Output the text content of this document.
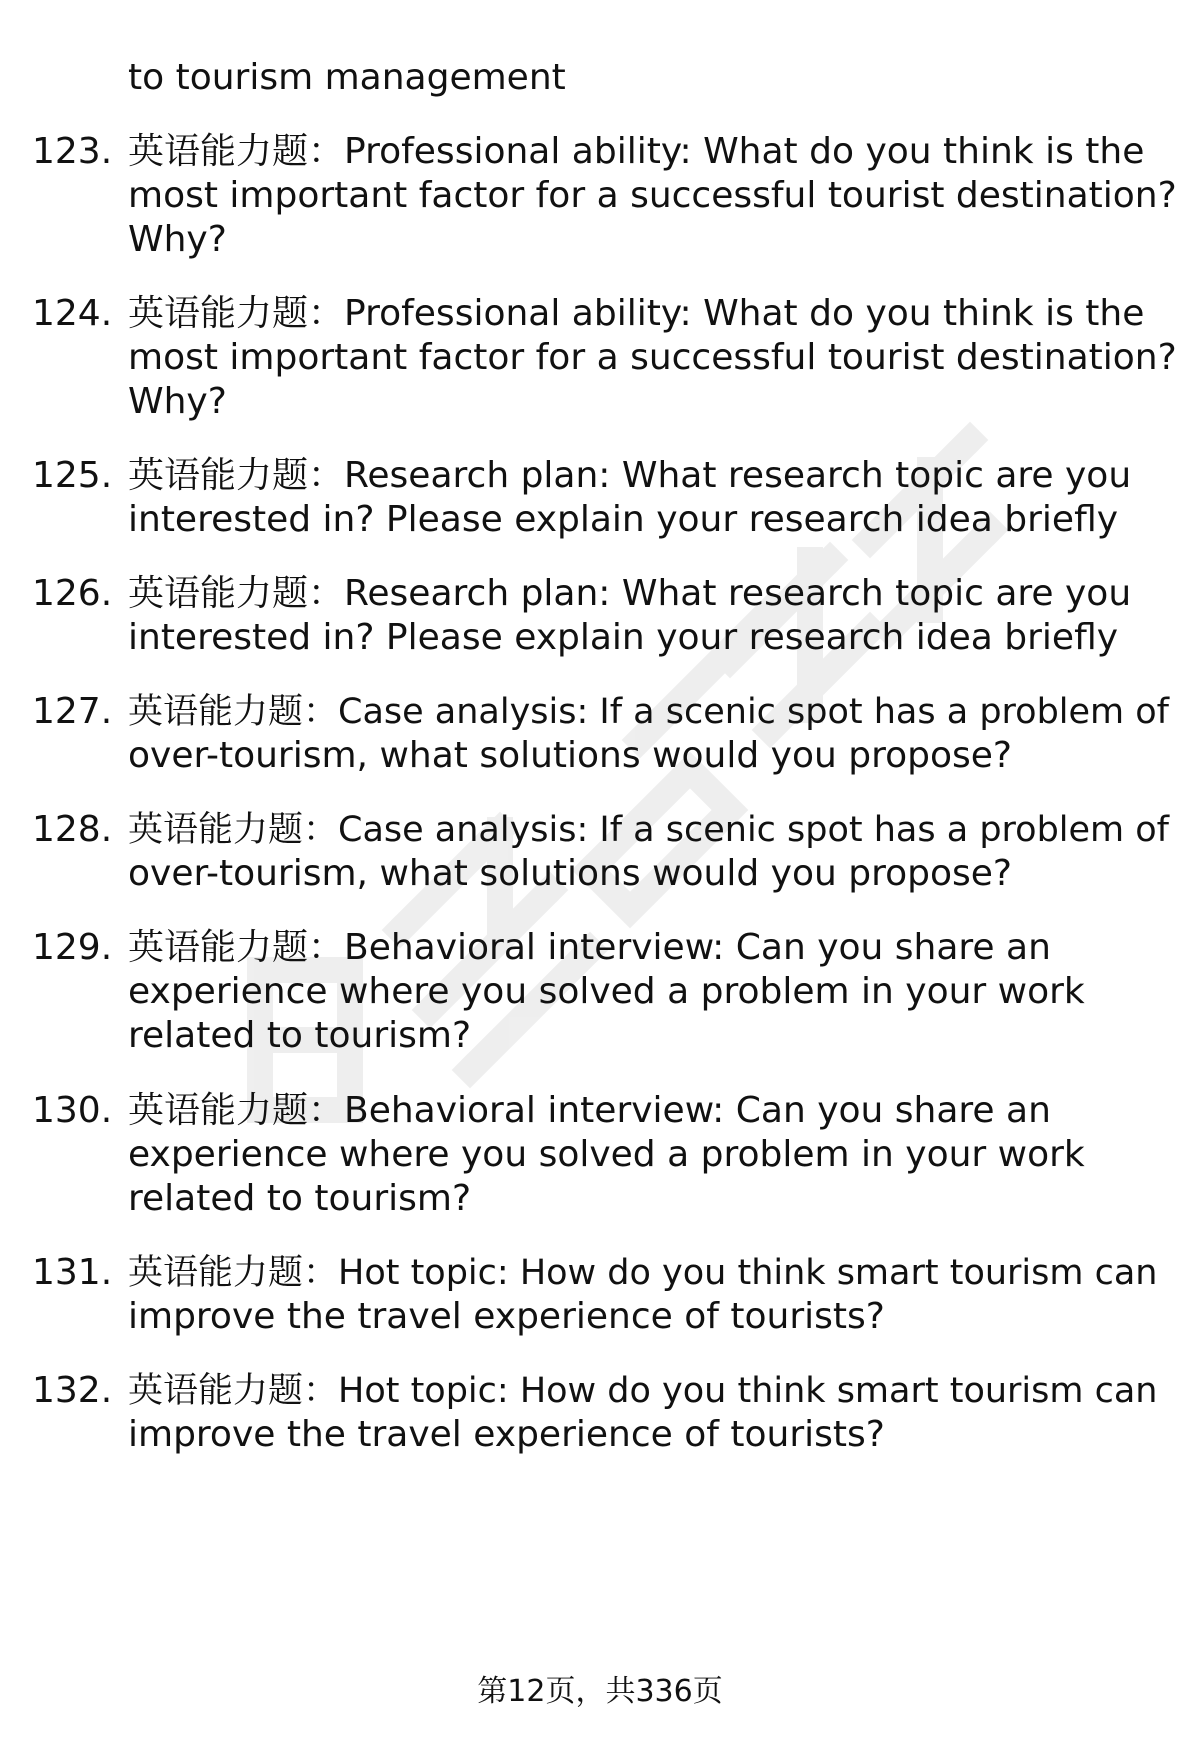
to tourism management
123. 英语能力题：Professional ability: What do you think is the
most important factor for a successful tourist destination?
Why?
124. 英语能力题：Professional ability: What do you think is the
most important factor for a successful tourist destination?
Why?
125. 英语能力题：Research plan: What research topic are you
interested in? Please explain your research idea briefly
126. 英语能力题：Research plan: What research topic are you
interested in? Please explain your research idea briefly
127. 英语能力题：Case analysis: If a scenic spot has a problem of
over-tourism, what solutions would you propose?
128. 英语能力题：Case analysis: If a scenic spot has a problem of
over-tourism, what solutions would you propose?
129. 英语能力题：Behavioral interview: Can you share an
experience where you solved a problem in your work
related to tourism?
130. 英语能力题：Behavioral interview: Can you share an
experience where you solved a problem in your work
related to tourism?
131. 英语能力题：Hot topic: How do you think smart tourism can
improve the travel experience of tourists?
132. 英语能力题：Hot topic: How do you think smart tourism can
improve the travel experience of tourists?
第12页，共336页
